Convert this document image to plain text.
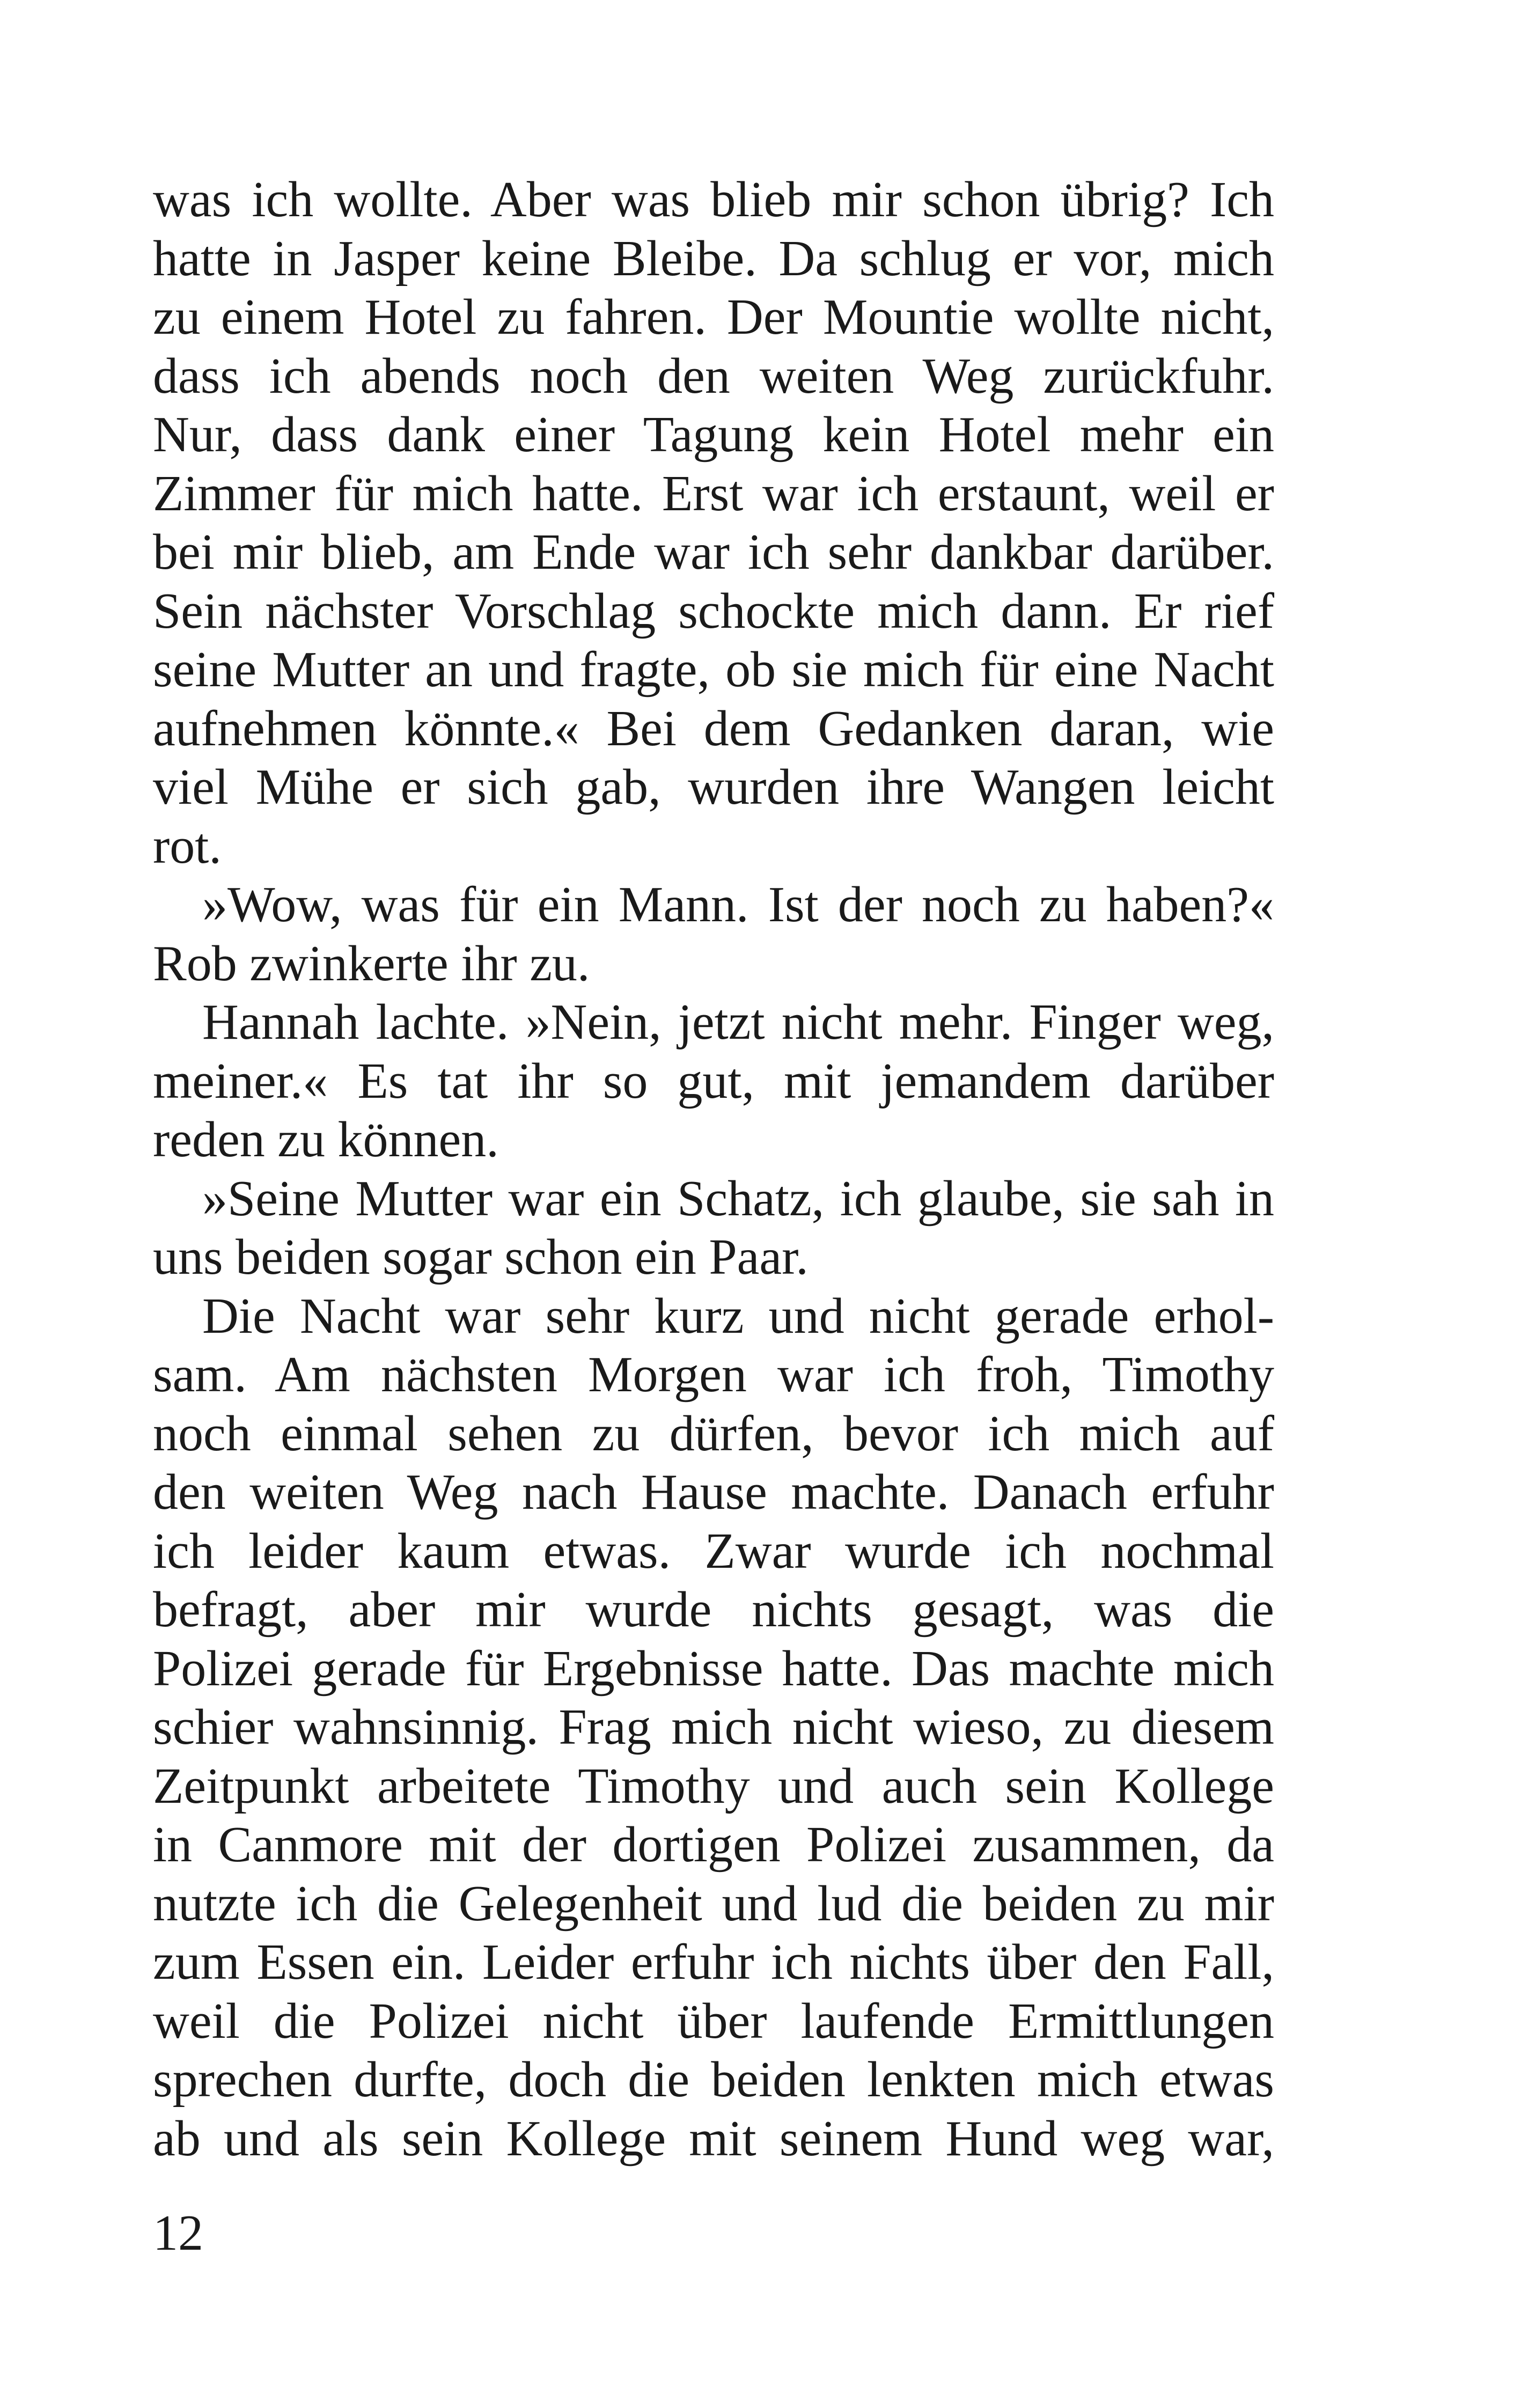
was ich wollte. Aber was blieb mir schon übrig? Ich
hatte in Jasper keine Bleibe. Da schlug er vor, mich
zu einem Hotel zu fahren. Der Mountie wollte nicht,
dass ich abends noch den weiten Weg zurückfuhr.
Nur, dass dank einer Tagung kein Hotel mehr ein
Zimmer für mich hatte. Erst war ich erstaunt, weil er
bei mir blieb, am Ende war ich sehr dankbar darüber.
Sein nächster Vorschlag schockte mich dann. Er rief
seine Mutter an und fragte, ob sie mich für eine Nacht
aufnehmen könnte.« Bei dem Gedanken daran, wie
viel Mühe er sich gab, wurden ihre Wangen leicht
rot.
»Wow, was für ein Mann. Ist der noch zu haben?«
Rob zwinkerte ihr zu.
Hannah lachte. »Nein, jetzt nicht mehr. Finger weg,
meiner.« Es tat ihr so gut, mit jemandem darüber
reden zu können.
»Seine Mutter war ein Schatz, ich glaube, sie sah in
uns beiden sogar schon ein Paar.
Die Nacht war sehr kurz und nicht gerade erhol-
sam. Am nächsten Morgen war ich froh, Timothy
noch einmal sehen zu dürfen, bevor ich mich auf
den weiten Weg nach Hause machte. Danach erfuhr
ich leider kaum etwas. Zwar wurde ich nochmal
befragt, aber mir wurde nichts gesagt, was die
Polizei gerade für Ergebnisse hatte. Das machte mich
schier wahnsinnig. Frag mich nicht wieso, zu diesem
Zeitpunkt arbeitete Timothy und auch sein Kollege
in Canmore mit der dortigen Polizei zusammen, da
nutzte ich die Gelegenheit und lud die beiden zu mir
zum Essen ein. Leider erfuhr ich nichts über den Fall,
weil die Polizei nicht über laufende Ermittlungen
sprechen durfte, doch die beiden lenkten mich etwas
ab und als sein Kollege mit seinem Hund weg war,
12
